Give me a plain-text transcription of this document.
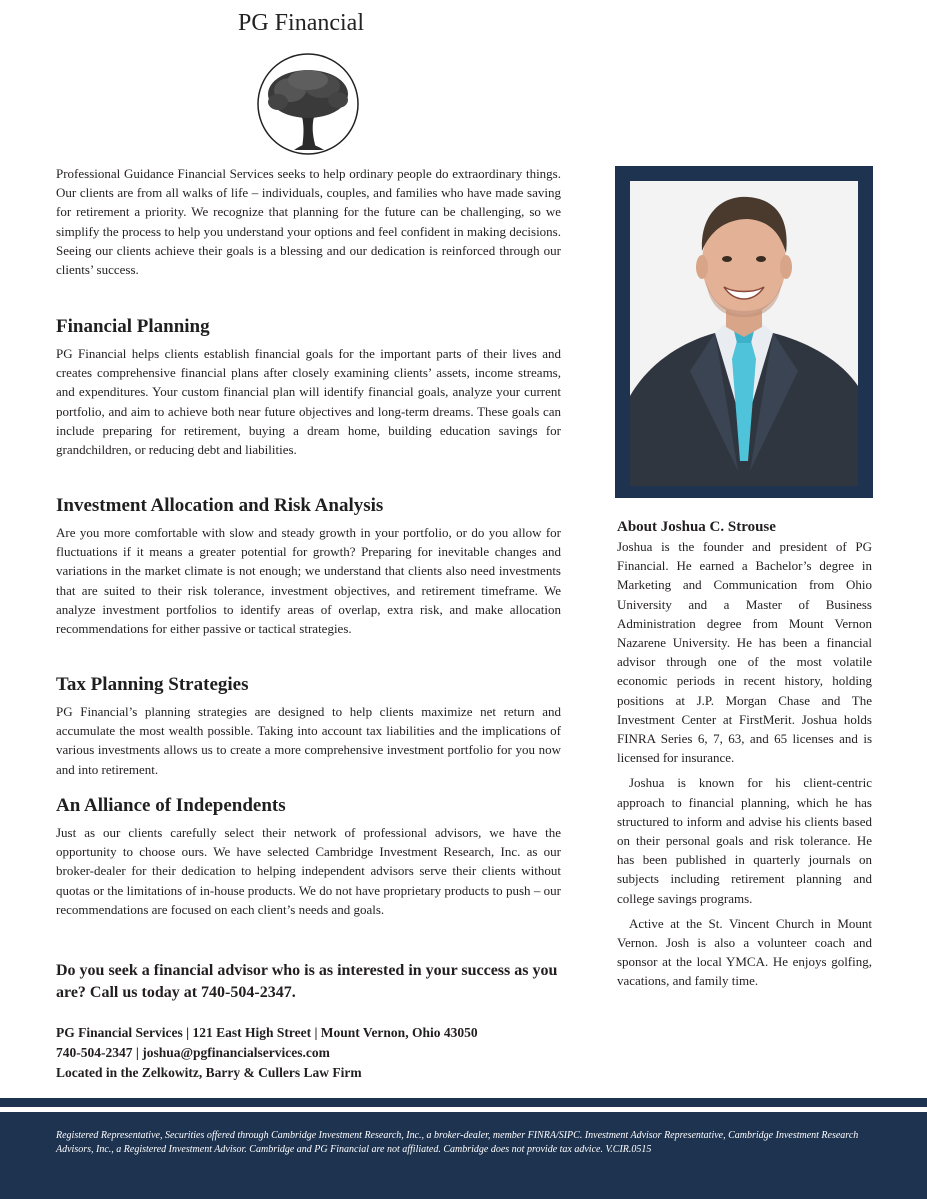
PG Financial

Professional Guidance Financial Services seeks to help ordinary people do extraordinary things. Our clients are from all walks of life – individuals, couples, and families who have made saving for retirement a priority. We recognize that planning for the future can be challenging, so we simplify the process to help you understand your options and feel confident in making decisions. Seeing our clients achieve their goals is a blessing and our dedication is reinforced through our clients’ success.

Financial Planning

PG Financial helps clients establish financial goals for the important parts of their lives and creates comprehensive financial plans after closely examining clients’ assets, income streams, and expenditures. Your custom financial plan will identify financial goals, analyze your current portfolio, and aim to achieve both near future objectives and long-term dreams. These goals can include preparing for retirement, buying a dream home, building education savings for grandchildren, or reducing debt and liabilities.

Investment Allocation and Risk Analysis

Are you more comfortable with slow and steady growth in your portfolio, or do you allow for fluctuations if it means a greater potential for growth? Preparing for inevitable changes and variations in the market climate is not enough; we understand that clients also need investments that are suited to their risk tolerance, investment objectives, and retirement timeframe. We analyze investment portfolios to identify areas of overlap, extra risk, and make allocation recommendations for either passive or tactical strategies.

Tax Planning Strategies

PG Financial’s planning strategies are designed to help clients maximize net return and accumulate the most wealth possible. Taking into account tax liabilities and the implications of various investments allows us to create a more comprehensive investment portfolio for you now and into retirement.

An Alliance of Independents

Just as our clients carefully select their network of professional advisors, we have the opportunity to choose ours. We have selected Cambridge Investment Research, Inc. as our broker-dealer for their dedication to helping independent advisors serve their clients without quotas or the limitations of in-house products. We do not have proprietary products to push – our recommendations are focused on each client’s needs and goals.

Do you seek a financial advisor who is as interested in your success as you are? Call us today at 740-504-2347.

PG Financial Services | 121 East High Street | Mount Vernon, Ohio 43050
740-504-2347 | joshua@pgfinancialservices.com
Located in the Zelkowitz, Barry & Cullers Law Firm
About Joshua C. Strouse

Joshua is the founder and president of PG Financial. He earned a Bachelor’s degree in Marketing and Communication from Ohio University and a Master of Business Administration degree from Mount Vernon Nazarene University. He has been a financial advisor through one of the most volatile economic periods in recent history, holding positions at J.P. Morgan Chase and The Investment Center at FirstMerit. Joshua holds FINRA Series 6, 7, 63, and 65 licenses and is licensed for insurance.

Joshua is known for his client-centric approach to financial planning, which he has structured to inform and advise his clients based on their personal goals and risk tolerance. He has been published in quarterly journals on subjects including retirement planning and college savings programs.

Active at the St. Vincent Church in Mount Vernon. Josh is also a volunteer coach and sponsor at the local YMCA. He enjoys golfing, vacations, and family time.

Registered Representative, Securities offered through Cambridge Investment Research, Inc., a broker-dealer, member FINRA/SIPC. Investment Advisor Representative, Cambridge Investment Research Advisors, Inc., a Registered Investment Advisor. Cambridge and PG Financial are not affiliated. Cambridge does not provide tax advice. V.CIR.0515
